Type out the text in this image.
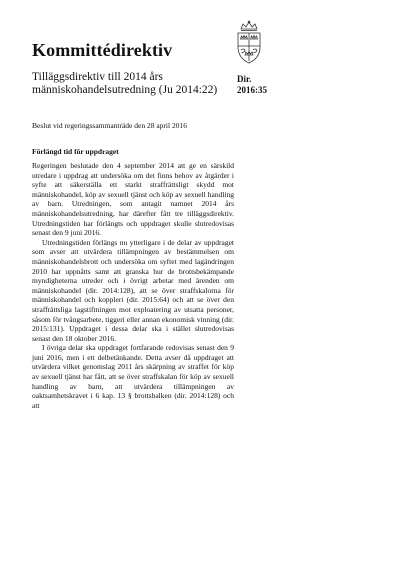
Kommittédirektiv
Tilläggsdirektiv till 2014 års människohandelsutredning (Ju 2014:22)
Dir.
2016:35
Beslut vid regeringssammanträde den 28 april 2016
Förlängd tid för uppdraget

Regeringen beslutade den 4 september 2014 att ge en särskild utredare i uppdrag att undersöka om det finns behov av åtgärder i syfte att säkerställa ett starkt straffrättsligt skydd mot människohandel, köp av sexuell tjänst och köp av sexuell handling av barn. Utredningen, som antagit namnet 2014 års människohandelsutredning, har därefter fått tre tilläggsdirektiv. Utredningstiden har förlängts och uppdraget skulle slutredovisas senast den 9 juni 2016.

Utredningstiden förlängs nu ytterligare i de delar av uppdraget som avser att utvärdera tillämpningen av bestämmelsen om människohandelsbrott och undersöka om syftet med lagändringen 2010 har uppnåtts samt att granska hur de brottsbekämpande myndigheterna utreder och i övrigt arbetar med ärenden om människohandel (dir. 2014:128), att se över straffskalorna för människohandel och koppleri (dir. 2015:64) och att se över den straffrättsliga lagstiftningen mot exploatering av utsatta personer, såsom för tvångsarbete, tiggeri eller annan ekonomisk vinning (dir. 2015:131). Uppdraget i dessa delar ska i stället slutredovisas senast den 18 oktober 2016.

I övriga delar ska uppdraget fortfarande redovisas senast den 9 juni 2016, men i ett delbetänkande. Detta avser då uppdraget att utvärdera vilket genomslag 2011 års skärpning av straffet för köp av sexuell tjänst har fått, att se över straffskalan för köp av sexuell handling av barn, att utvärdera tillämpningen av oaktsamhetskravet i 6 kap. 13 § brottsbalken (dir. 2014:128) och att
